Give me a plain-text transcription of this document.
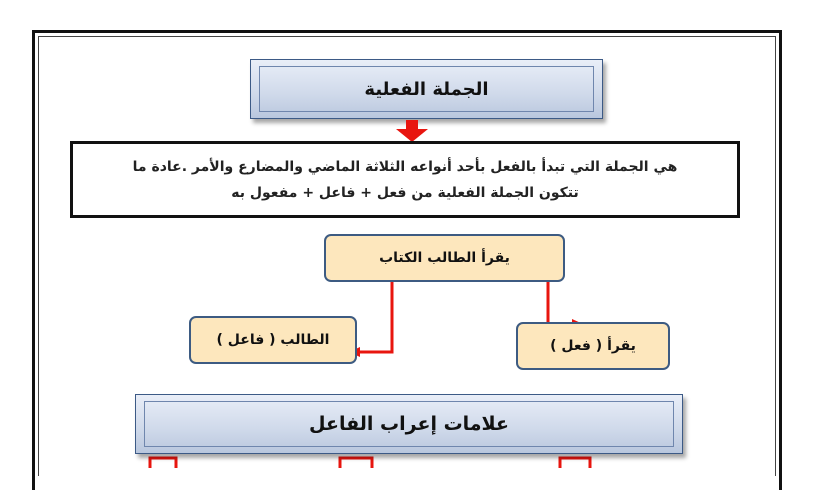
الجملة الفعلية
هي الجملة التي تبدأ بالفعل بأحد أنواعه الثلاثة الماضي والمضارع والأمر .عادة ما
تتكون الجملة الفعلية من فعل + فاعل + مفعول به
يقرأ الطالب الكتاب
الطالب ( فاعل )	يقرأ ( فعل )
علامات إعراب الفاعل
